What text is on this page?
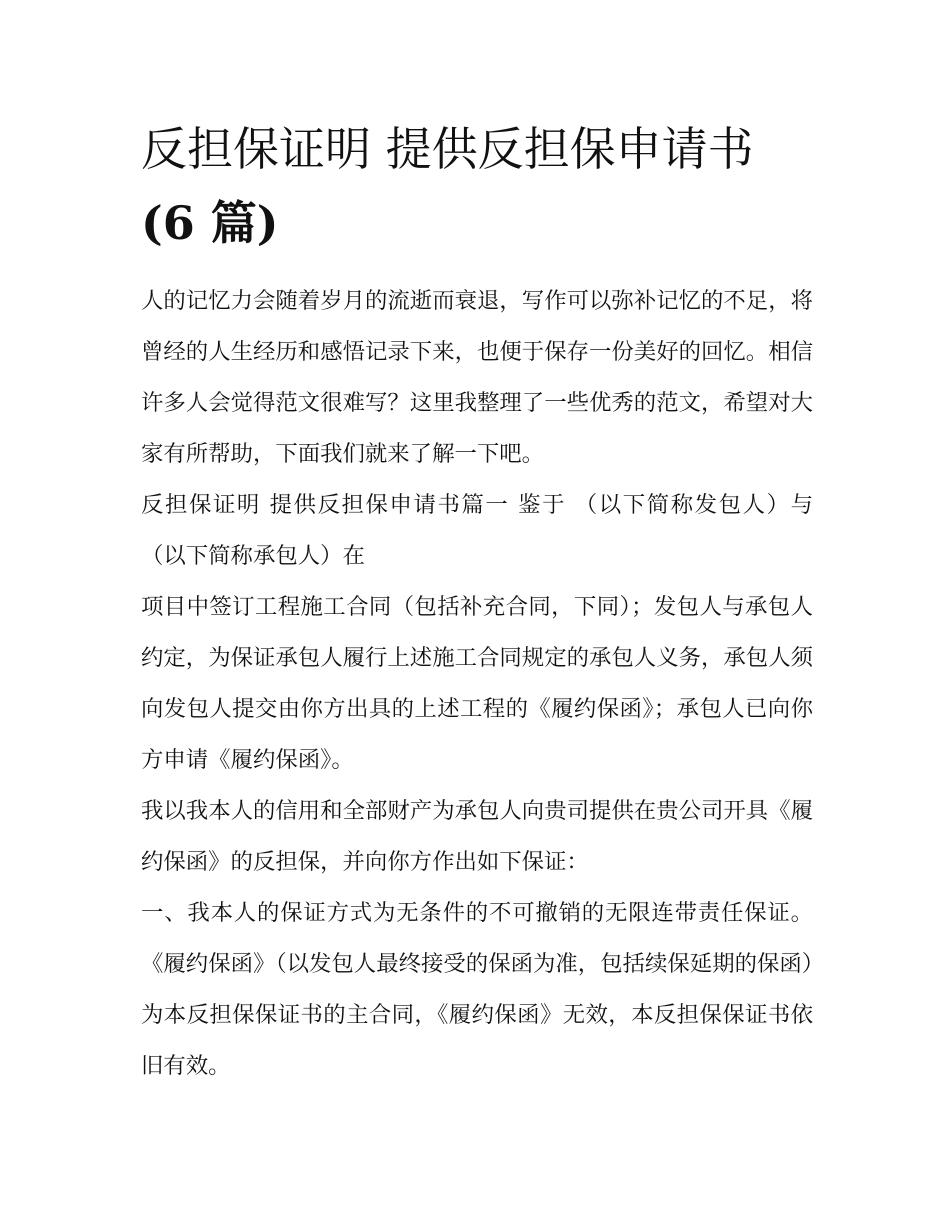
反担保证明 提供反担保申请书
(6 篇)

人的记忆力会随着岁月的流逝而衰退，写作可以弥补记忆的不足，将曾经的人生经历和感悟记录下来，也便于保存一份美好的回忆。相信许多人会觉得范文很难写？这里我整理了一些优秀的范文，希望对大家有所帮助，下面我们就来了解一下吧。

反担保证明 提供反担保申请书篇一 鉴于 （以下简称发包人）与 （以下简称承包人）在

项目中签订工程施工合同（包括补充合同，下同）；发包人与承包人约定，为保证承包人履行上述施工合同规定的承包人义务，承包人须向发包人提交由你方出具的上述工程的《履约保函》；承包人已向你方申请《履约保函》。

我以我本人的信用和全部财产为承包人向贵司提供在贵公司开具《履约保函》的反担保，并向你方作出如下保证：

一、我本人的保证方式为无条件的不可撤销的无限连带责任保证。《履约保函》（以发包人最终接受的保函为准，包括续保延期的保函）为本反担保保证书的主合同，《履约保函》无效，本反担保保证书依旧有效。
